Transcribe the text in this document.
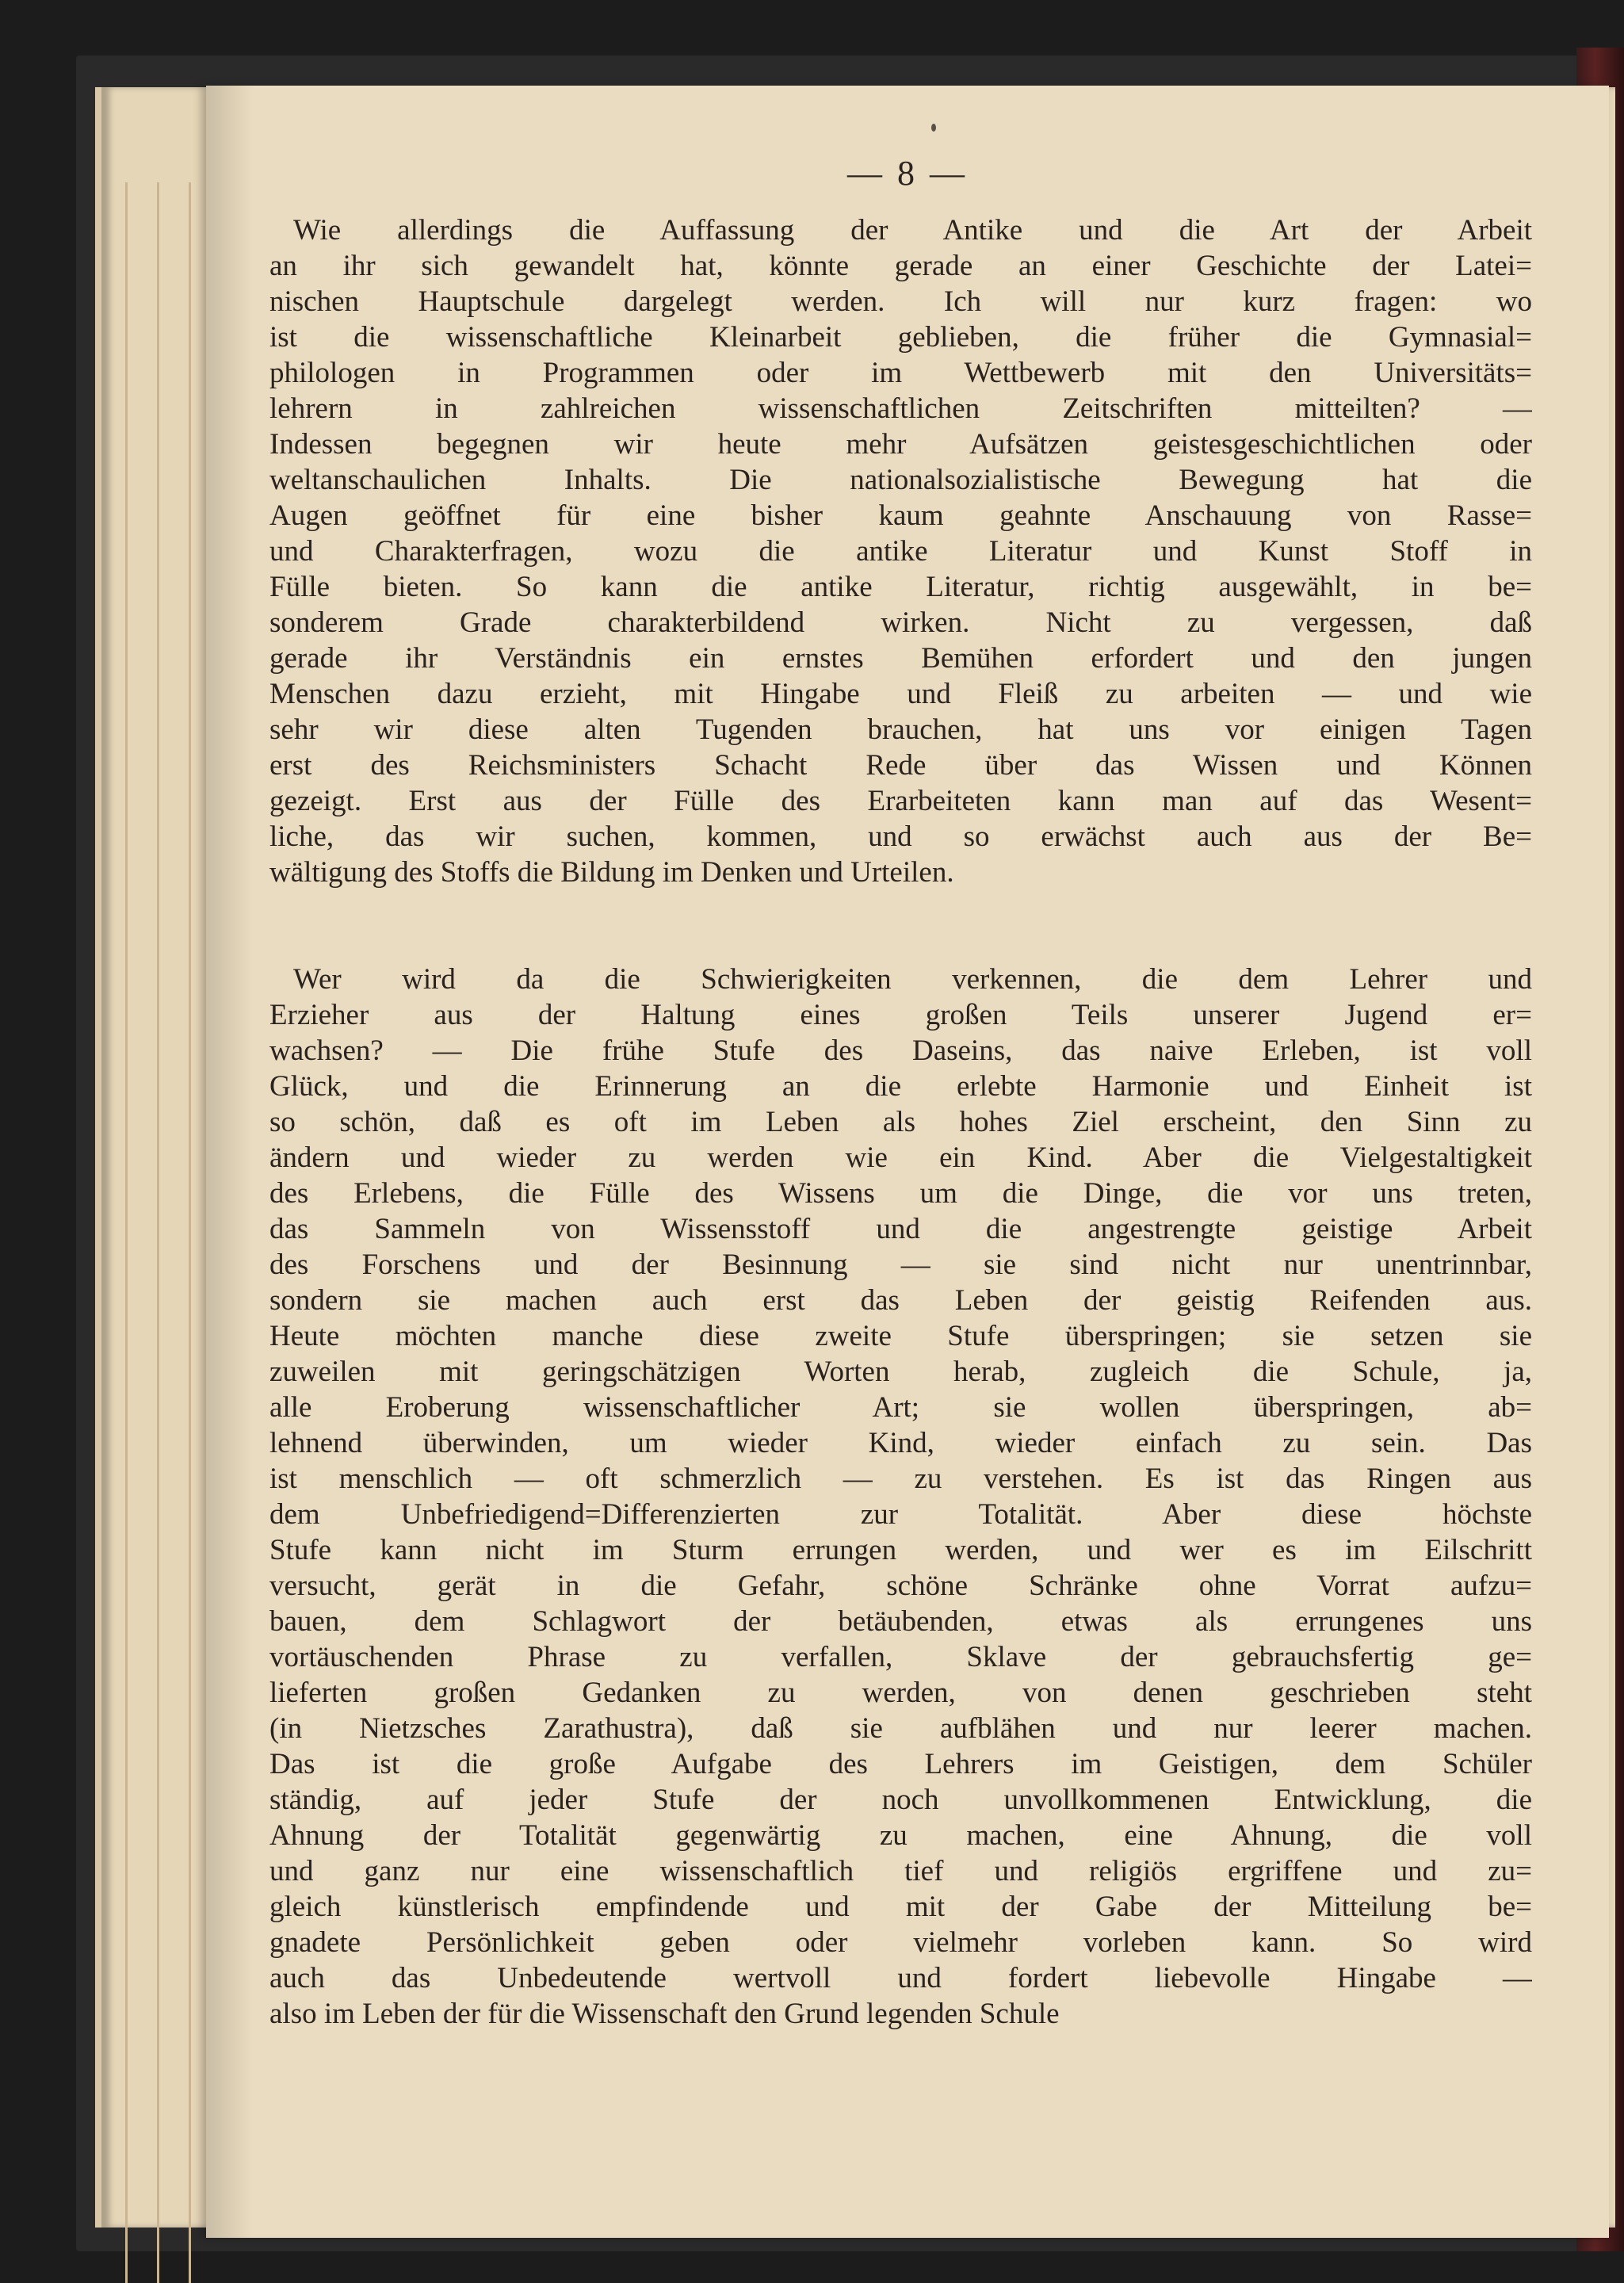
— 8 —
Wie allerdings die Auffassung der Antike und die Art der Arbeit
an ihr sich gewandelt hat, könnte gerade an einer Geschichte der Latei=
nischen Hauptschule dargelegt werden. Ich will nur kurz fragen: wo
ist die wissenschaftliche Kleinarbeit geblieben, die früher die Gymnasial=
philologen in Programmen oder im Wettbewerb mit den Universitäts=
lehrern in zahlreichen wissenschaftlichen Zeitschriften mitteilten? —
Indessen begegnen wir heute mehr Aufsätzen geistesgeschichtlichen oder
weltanschaulichen Inhalts. Die nationalsozialistische Bewegung hat die
Augen geöffnet für eine bisher kaum geahnte Anschauung von Rasse=
und Charakterfragen, wozu die antike Literatur und Kunst Stoff in
Fülle bieten. So kann die antike Literatur, richtig ausgewählt, in be=
sonderem Grade charakterbildend wirken. Nicht zu vergessen, daß
gerade ihr Verständnis ein ernstes Bemühen erfordert und den jungen
Menschen dazu erzieht, mit Hingabe und Fleiß zu arbeiten — und wie
sehr wir diese alten Tugenden brauchen, hat uns vor einigen Tagen
erst des Reichsministers Schacht Rede über das Wissen und Können
gezeigt. Erst aus der Fülle des Erarbeiteten kann man auf das Wesent=
liche, das wir suchen, kommen, und so erwächst auch aus der Be=
wältigung des Stoffs die Bildung im Denken und Urteilen.
Wer wird da die Schwierigkeiten verkennen, die dem Lehrer und
Erzieher aus der Haltung eines großen Teils unserer Jugend er=
wachsen? — Die frühe Stufe des Daseins, das naive Erleben, ist voll
Glück, und die Erinnerung an die erlebte Harmonie und Einheit ist
so schön, daß es oft im Leben als hohes Ziel erscheint, den Sinn zu
ändern und wieder zu werden wie ein Kind. Aber die Vielgestaltigkeit
des Erlebens, die Fülle des Wissens um die Dinge, die vor uns treten,
das Sammeln von Wissensstoff und die angestrengte geistige Arbeit
des Forschens und der Besinnung — sie sind nicht nur unentrinnbar,
sondern sie machen auch erst das Leben der geistig Reifenden aus.
Heute möchten manche diese zweite Stufe überspringen; sie setzen sie
zuweilen mit geringschätzigen Worten herab, zugleich die Schule, ja,
alle Eroberung wissenschaftlicher Art; sie wollen überspringen, ab=
lehnend überwinden, um wieder Kind, wieder einfach zu sein. Das
ist menschlich — oft schmerzlich — zu verstehen. Es ist das Ringen aus
dem Unbefriedigend=Differenzierten zur Totalität. Aber diese höchste
Stufe kann nicht im Sturm errungen werden, und wer es im Eilschritt
versucht, gerät in die Gefahr, schöne Schränke ohne Vorrat aufzu=
bauen, dem Schlagwort der betäubenden, etwas als errungenes uns
vortäuschenden Phrase zu verfallen, Sklave der gebrauchsfertig ge=
lieferten großen Gedanken zu werden, von denen geschrieben steht
(in Nietzsches Zarathustra), daß sie aufblähen und nur leerer machen.
Das ist die große Aufgabe des Lehrers im Geistigen, dem Schüler
ständig, auf jeder Stufe der noch unvollkommenen Entwicklung, die
Ahnung der Totalität gegenwärtig zu machen, eine Ahnung, die voll
und ganz nur eine wissenschaftlich tief und religiös ergriffene und zu=
gleich künstlerisch empfindende und mit der Gabe der Mitteilung be=
gnadete Persönlichkeit geben oder vielmehr vorleben kann. So wird
auch das Unbedeutende wertvoll und fordert liebevolle Hingabe —
also im Leben der für die Wissenschaft den Grund legenden Schule
